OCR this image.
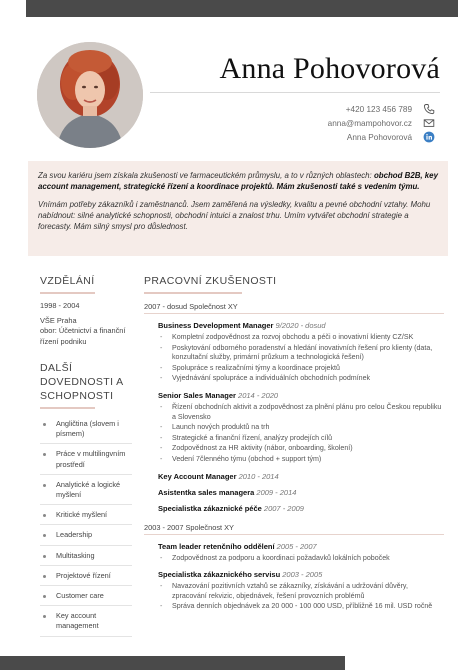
Anna Pohovorová
+420 123 456 789
anna@mampohovor.cz
Anna Pohovorová

Za svou kariéru jsem získala zkušenosti ve farmaceutickém průmyslu, a to v různých oblastech: obchod B2B, key account management, strategické řízení a koordinace projektů. Mám zkušenosti také s vedením týmu.

Vnímám potřeby zákazníků i zaměstnanců. Jsem zaměřená na výsledky, kvalitu a pevné obchodní vztahy. Mohu nabídnout: silné analytické schopnosti, obchodní intuici a znalost trhu. Umím vytvářet obchodní strategie a forecasty. Mám silný smysl pro důslednost.

VZDĚLÁNÍ
1998 - 2004
VŠE Praha
obor: Účetnictví a finanční řízení podniku
DALŠÍ DOVEDNOSTI A SCHOPNOSTI
Angličtina (slovem i písmem)
Práce v multilingvním prostředí
Analytické a logické myšlení
Kritické myšlení
Leadership
Multitasking
Projektové řízení
Customer care
Key account management
PRACOVNÍ ZKUŠENOSTI
2007 - dosud Společnost XY
Business Development Manager 9/2020 - dosud
- Kompletní zodpovědnost za rozvoj obchodu a péči o inovativní klienty CZ/SK
- Poskytování odborného poradenství a hledání inovativních řešení pro klienty (data, konzultační služby, primární průzkum a technologická řešení)
- Spolupráce s realizačními týmy a koordinace projektů
- Vyjednávání spolupráce a individuálních obchodních podmínek
Senior Sales Manager 2014 - 2020
- Řízení obchodních aktivit a zodpovědnost za plnění plánu pro celou Českou republiku a Slovensko
- Launch nových produktů na trh
- Strategické a finanční řízení, analýzy prodejích cílů
- Zodpovědnost za HR aktivity (nábor, onboarding, školení)
- Vedení 7členného týmu (obchod + support tým)
Key Account Manager 2010 - 2014
Asistentka sales managera 2009 - 2014
Specialistka zákaznické péče 2007 - 2009
2003 - 2007 Společnost XY
Team leader retenčního oddělení 2005 - 2007
- Zodpovědnost za podporu a koordinaci požadavků lokálních poboček
Specialistka zákaznického servisu 2003 - 2005
- Navazování pozitivních vztahů se zákazníky, získávání a udržování důvěry, zpracování rekvizic, objednávek, řešení provozních problémů
- Správa denních objednávek za 20 000 - 100 000 USD, příbližně 16 mil. USD ročně
